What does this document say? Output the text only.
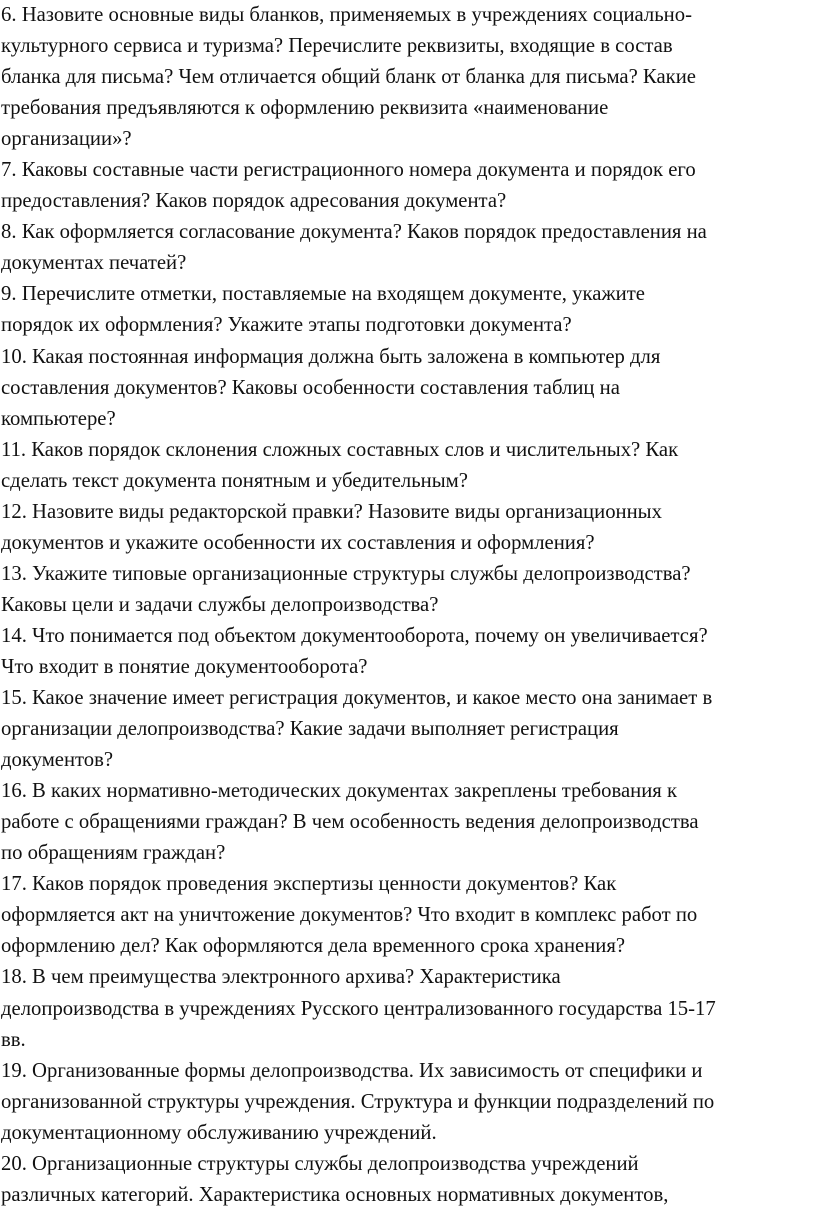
6. Назовите основные виды бланков, применяемых в учреждениях социально-
культурного сервиса и туризма? Перечислите реквизиты, входящие в состав
бланка для письма? Чем отличается общий бланк от бланка для письма? Какие
требования предъявляются к оформлению реквизита «наименование
организации»?
7. Каковы составные части регистрационного номера документа и порядок его
предоставления? Каков порядок адресования документа?
8. Как оформляется согласование документа? Каков порядок предоставления на
документах печатей?
9. Перечислите отметки, поставляемые на входящем документе, укажите
порядок их оформления? Укажите этапы подготовки документа?
10. Какая постоянная информация должна быть заложена в компьютер для
составления документов? Каковы особенности составления таблиц на
компьютере?
11. Каков порядок склонения сложных составных слов и числительных? Как
сделать текст документа понятным и убедительным?
12. Назовите виды редакторской правки? Назовите виды организационных
документов и укажите особенности их составления и оформления?
13. Укажите типовые организационные структуры службы делопроизводства?
Каковы цели и задачи службы делопроизводства?
14. Что понимается под объектом документооборота, почему он увеличивается?
Что входит в понятие документооборота?
15. Какое значение имеет регистрация документов, и какое место она занимает в
организации делопроизводства? Какие задачи выполняет регистрация
документов?
16. В каких нормативно-методических документах закреплены требования к
работе с обращениями граждан? В чем особенность ведения делопроизводства
по обращениям граждан?
17. Каков порядок проведения экспертизы ценности документов? Как
оформляется акт на уничтожение документов? Что входит в комплекс работ по
оформлению дел? Как оформляются дела временного срока хранения?
18. В чем преимущества электронного архива? Характеристика
делопроизводства в учреждениях Русского централизованного государства 15-17
вв.
19. Организованные формы делопроизводства. Их зависимость от специфики и
организованной структуры учреждения. Структура и функции подразделений по
документационному обслуживанию учреждений.
20. Организационные структуры службы делопроизводства учреждений
различных категорий. Характеристика основных нормативных документов,
